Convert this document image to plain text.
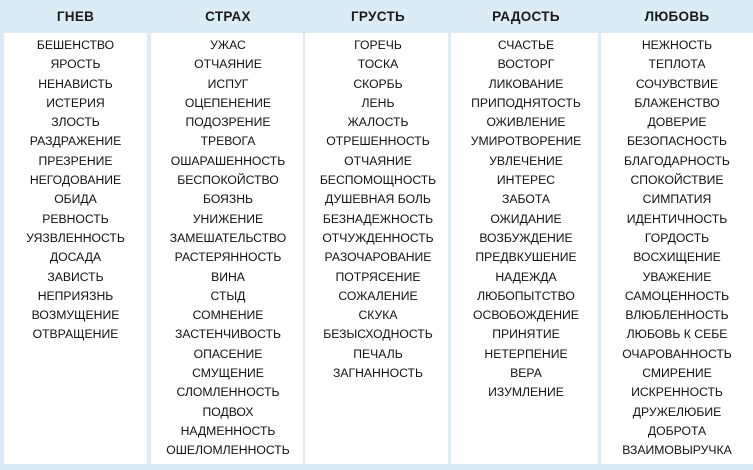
ГНЕВ
БЕШЕНСТВО
ЯРОСТЬ
НЕНАВИСТЬ
ИСТЕРИЯ
ЗЛОСТЬ
РАЗДРАЖЕНИЕ
ПРЕЗРЕНИЕ
НЕГОДОВАНИЕ
ОБИДА
РЕВНОСТЬ
УЯЗВЛЕННОСТЬ
ДОСАДА
ЗАВИСТЬ
НЕПРИЯЗНЬ
ВОЗМУЩЕНИЕ
ОТВРАЩЕНИЕ
СТРАХ
УЖАС
ОТЧАЯНИЕ
ИСПУГ
ОЦЕПЕНЕНИЕ
ПОДОЗРЕНИЕ
ТРЕВОГА
ОШАРАШЕННОСТЬ
БЕСПОКОЙСТВО
БОЯЗНЬ
УНИЖЕНИЕ
ЗАМЕШАТЕЛЬСТВО
РАСТЕРЯННОСТЬ
ВИНА
СТЫД
СОМНЕНИЕ
ЗАСТЕНЧИВОСТЬ
ОПАСЕНИЕ
СМУЩЕНИЕ
СЛОМЛЕННОСТЬ
ПОДВОХ
НАДМЕННОСТЬ
ОШЕЛОМЛЕННОСТЬ
ГРУСТЬ
ГОРЕЧЬ
ТОСКА
СКОРБЬ
ЛЕНЬ
ЖАЛОСТЬ
ОТРЕШЕННОСТЬ
ОТЧАЯНИЕ
БЕСПОМОЩНОСТЬ
ДУШЕВНАЯ БОЛЬ
БЕЗНАДЕЖНОСТЬ
ОТЧУЖДЕННОСТЬ
РАЗОЧАРОВАНИЕ
ПОТРЯСЕНИЕ
СОЖАЛЕНИЕ
СКУКА
БЕЗЫСХОДНОСТЬ
ПЕЧАЛЬ
ЗАГНАННОСТЬ
РАДОСТЬ
СЧАСТЬЕ
ВОСТОРГ
ЛИКОВАНИЕ
ПРИПОДНЯТОСТЬ
ОЖИВЛЕНИЕ
УМИРОТВОРЕНИЕ
УВЛЕЧЕНИЕ
ИНТЕРЕС
ЗАБОТА
ОЖИДАНИЕ
ВОЗБУЖДЕНИЕ
ПРЕДВКУШЕНИЕ
НАДЕЖДА
ЛЮБОПЫТСТВО
ОСВОБОЖДЕНИЕ
ПРИНЯТИЕ
НЕТЕРПЕНИЕ
ВЕРА
ИЗУМЛЕНИЕ
ЛЮБОВЬ
НЕЖНОСТЬ
ТЕПЛОТА
СОЧУВСТВИЕ
БЛАЖЕНСТВО
ДОВЕРИЕ
БЕЗОПАСНОСТЬ
БЛАГОДАРНОСТЬ
СПОКОЙСТВИЕ
СИМПАТИЯ
ИДЕНТИЧНОСТЬ
ГОРДОСТЬ
ВОСХИЩЕНИЕ
УВАЖЕНИЕ
САМОЦЕННОСТЬ
ВЛЮБЛЕННОСТЬ
ЛЮБОВЬ К СЕБЕ
ОЧАРОВАННОСТЬ
СМИРЕНИЕ
ИСКРЕННОСТЬ
ДРУЖЕЛЮБИЕ
ДОБРОТА
ВЗАИМОВЫРУЧКА
